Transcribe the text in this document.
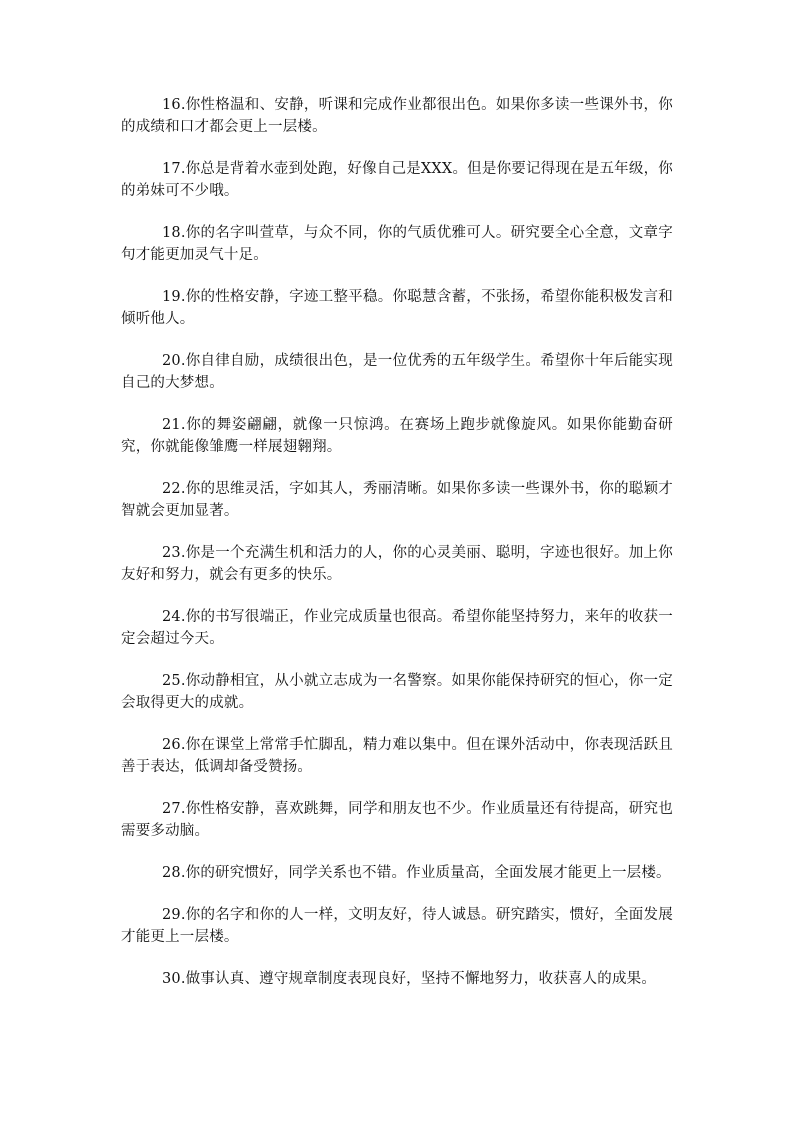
16.你性格温和、安静，听课和完成作业都很出色。如果你多读一些课外书，你的成绩和口才都会更上一层楼。

17.你总是背着水壶到处跑，好像自己是XXX。但是你要记得现在是五年级，你的弟妹可不少哦。

18.你的名字叫萱草，与众不同，你的气质优雅可人。研究要全心全意，文章字句才能更加灵气十足。

19.你的性格安静，字迹工整平稳。你聪慧含蓄，不张扬，希望你能积极发言和倾听他人。

20.你自律自励，成绩很出色，是一位优秀的五年级学生。希望你十年后能实现自己的大梦想。

21.你的舞姿翩翩，就像一只惊鸿。在赛场上跑步就像旋风。如果你能勤奋研究，你就能像雏鹰一样展翅翱翔。

22.你的思维灵活，字如其人，秀丽清晰。如果你多读一些课外书，你的聪颖才智就会更加显著。

23.你是一个充满生机和活力的人，你的心灵美丽、聪明，字迹也很好。加上你友好和努力，就会有更多的快乐。

24.你的书写很端正，作业完成质量也很高。希望你能坚持努力，来年的收获一定会超过今天。

25.你动静相宜，从小就立志成为一名警察。如果你能保持研究的恒心，你一定会取得更大的成就。

26.你在课堂上常常手忙脚乱，精力难以集中。但在课外活动中，你表现活跃且善于表达，低调却备受赞扬。

27.你性格安静，喜欢跳舞，同学和朋友也不少。作业质量还有待提高，研究也需要多动脑。

28.你的研究惯好，同学关系也不错。作业质量高，全面发展才能更上一层楼。

29.你的名字和你的人一样，文明友好，待人诚恳。研究踏实，惯好，全面发展才能更上一层楼。

30.做事认真、遵守规章制度表现良好，坚持不懈地努力，收获喜人的成果。
